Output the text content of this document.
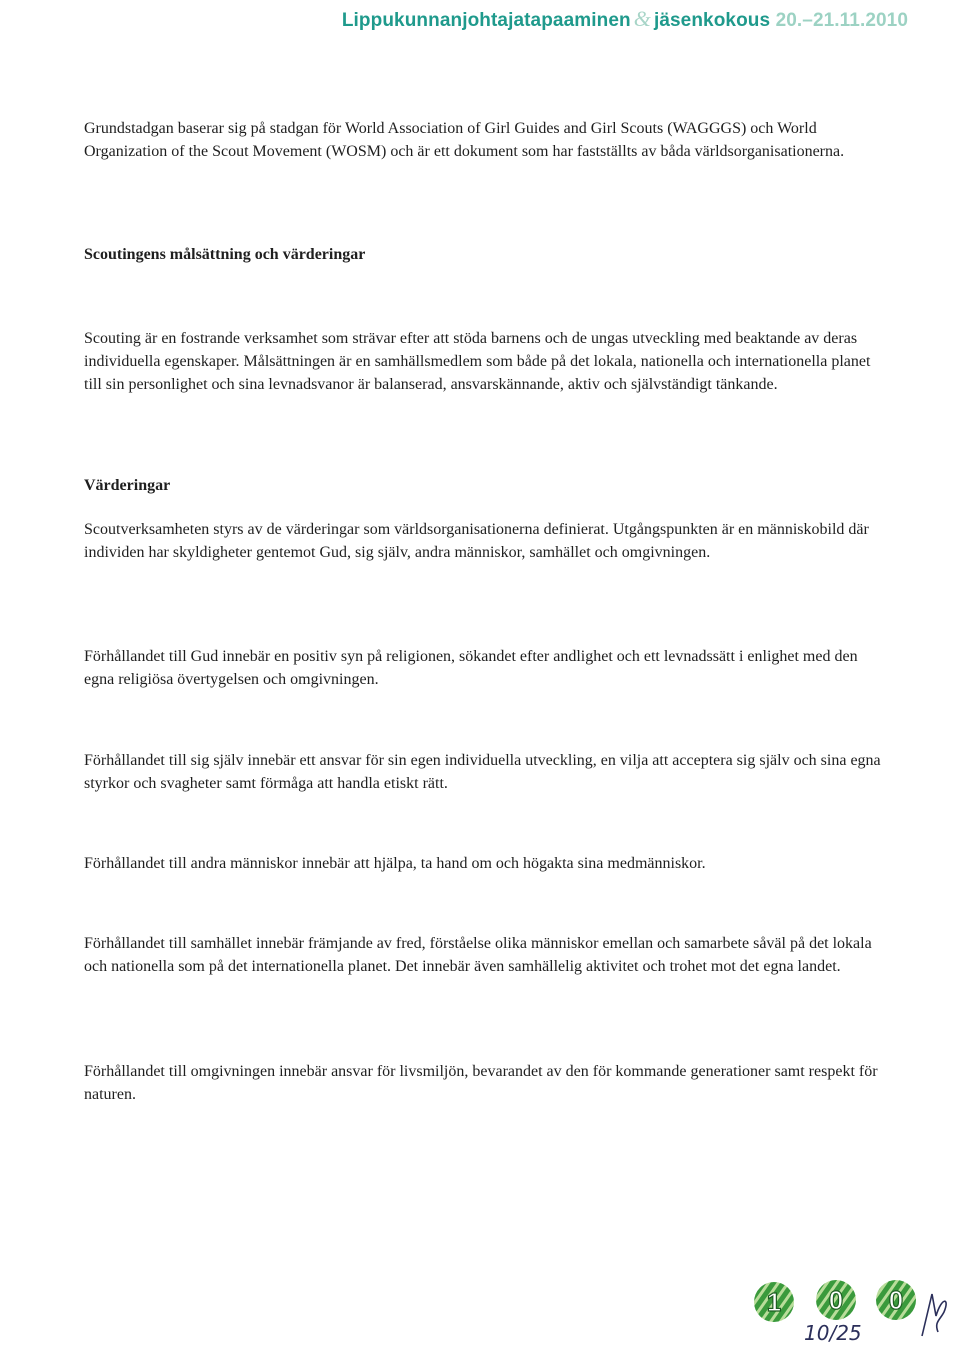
Lippukunnanjohtajatapaaminen & jäsenkokous 20.–21.11.2010

Grundstadgan baserar sig på stadgan för World Association of Girl Guides and Girl Scouts (WAGGGS) och World Organization of the Scout Movement (WOSM) och är ett dokument som har fastställts av båda världsorganisationerna.

Scoutingens målsättning och värderingar

Scouting är en fostrande verksamhet som strävar efter att stöda barnens och de ungas utveckling med beaktande av deras individuella egenskaper. Målsättningen är en samhällsmedlem som både på det lokala, nationella och internationella planet till sin personlighet och sina levnadsvanor är balanserad, ansvarskännande, aktiv och självständigt tänkande.

Värderingar

Scoutverksamheten styrs av de värderingar som världsorganisationerna definierat. Utgångspunkten är en människobild där individen har skyldigheter gentemot Gud, sig själv, andra människor, samhället och omgivningen.

Förhållandet till Gud innebär en positiv syn på religionen, sökandet efter andlighet och ett levnadssätt i enlighet med den egna religiösa övertygelsen och omgivningen.

Förhållandet till sig själv innebär ett ansvar för sin egen individuella utveckling, en vilja att acceptera sig själv och sina egna styrkor och svagheter samt förmåga att handla etiskt rätt.

Förhållandet till andra människor innebär att hjälpa, ta hand om och högakta sina medmänniskor.

Förhållandet till samhället innebär främjande av fred, förståelse olika människor emellan och samarbete såväl på det lokala och nationella som på det internationella planet. Det innebär även samhällelig aktivitet och trohet mot det egna landet.

Förhållandet till omgivningen innebär ansvar för livsmiljön, bevarandet av den för kommande generationer samt respekt för naturen.

1 0 0
10/25
